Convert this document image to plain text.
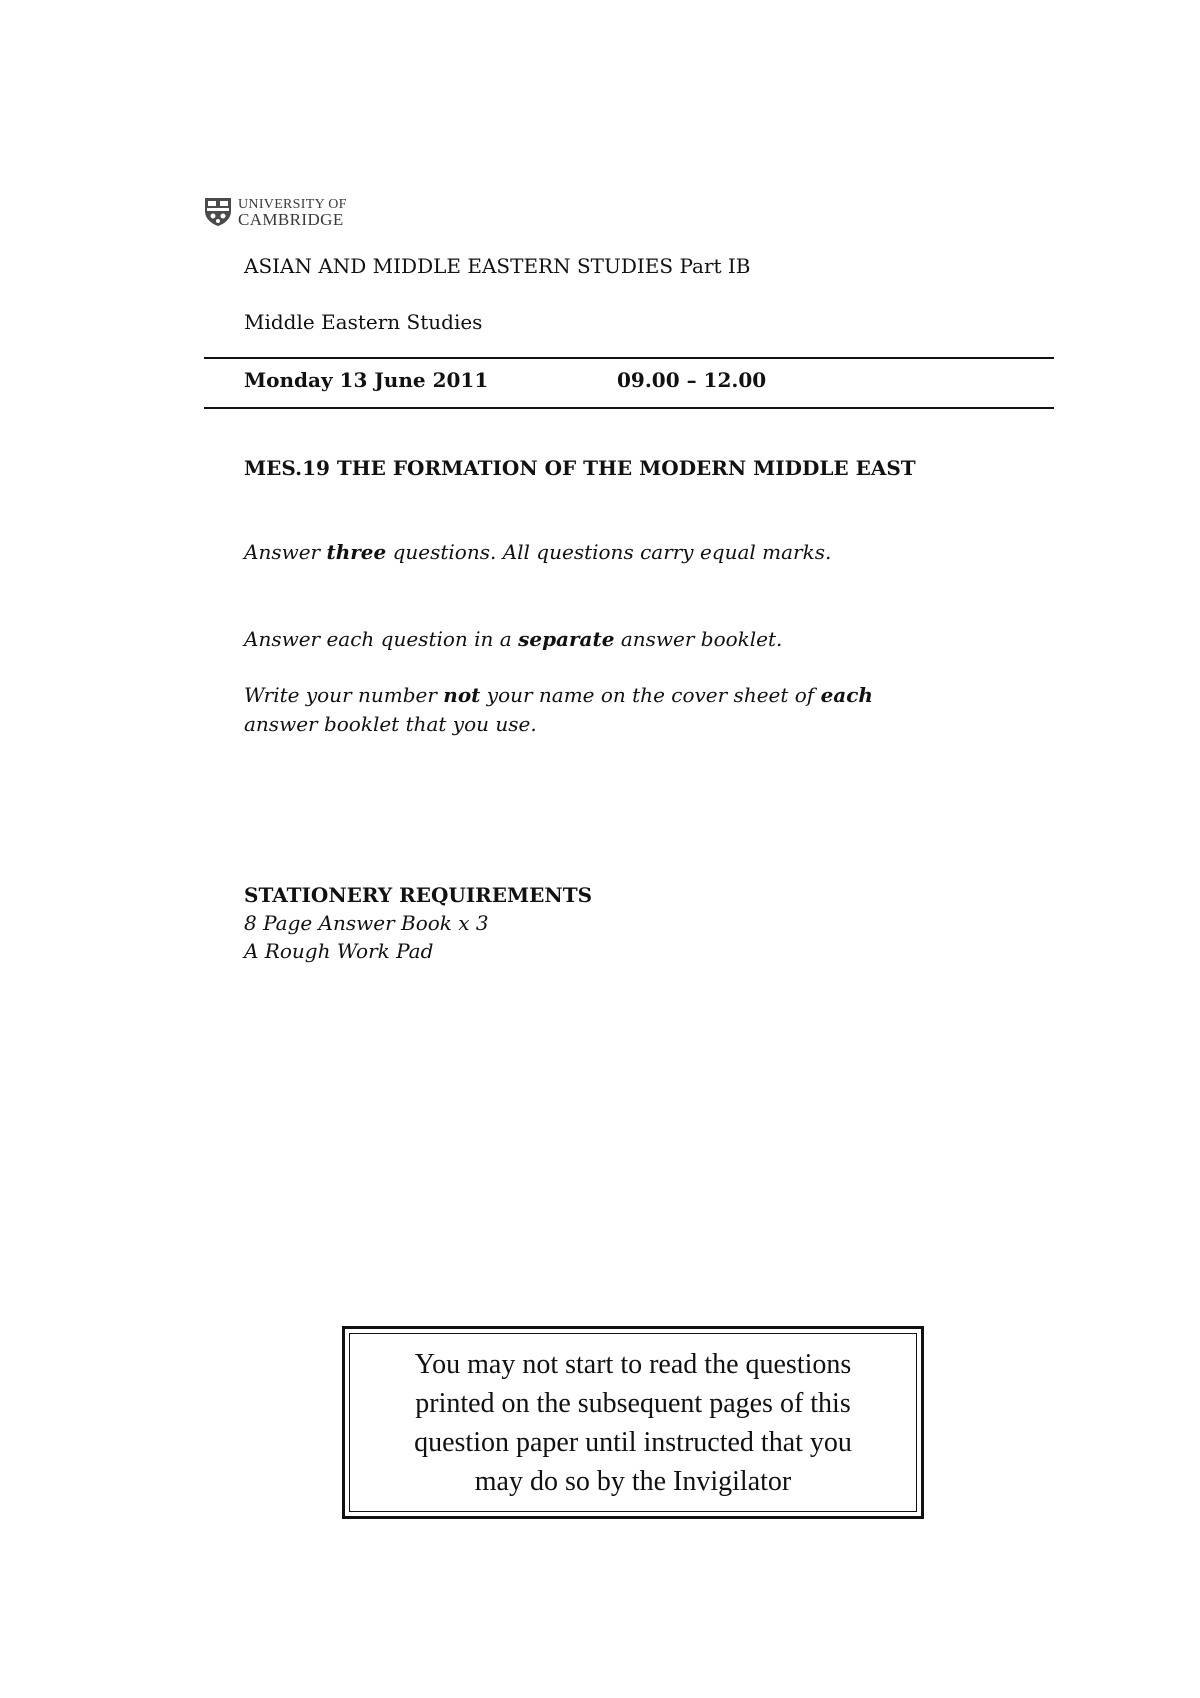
UNIVERSITY OF
CAMBRIDGE
ASIAN AND MIDDLE EASTERN STUDIES Part IB
Middle Eastern Studies
Monday 13 June 2011	09.00 – 12.00
MES.19 THE FORMATION OF THE MODERN MIDDLE EAST
Answer three questions. All questions carry equal marks.
Answer each question in a separate answer booklet.
Write your number not your name on the cover sheet of each
answer booklet that you use.
STATIONERY REQUIREMENTS
8 Page Answer Book x 3
A Rough Work Pad

You may not start to read the questions
printed on the subsequent pages of this
question paper until instructed that you
may do so by the Invigilator
